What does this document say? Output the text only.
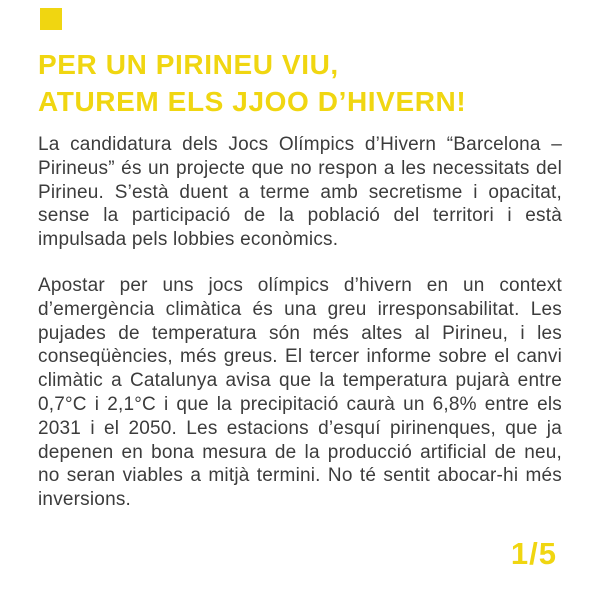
PER UN PIRINEU VIU,
ATUREM ELS JJOO D’HIVERN!

La candidatura dels Jocs Olímpics d’Hivern “Barcelona – Pirineus” és un projecte que no respon a les necessitats del Pirineu. S’està duent a terme amb secretisme i opacitat, sense la participació de la població del territori i està impulsada pels lobbies econòmics.

Apostar per uns jocs olímpics d’hivern en un context d’emergència climàtica és una greu irresponsabilitat. Les pujades de temperatura són més altes al Pirineu, i les conseqüències, més greus. El tercer informe sobre el canvi climàtic a Catalunya avisa que la temperatura pujarà entre 0,7°C i 2,1°C i que la precipitació caurà un 6,8% entre els 2031 i el 2050. Les estacions d’esquí pirinenques, que ja depenen en bona mesura de la producció artificial de neu, no seran viables a mitjà termini. No té sentit abocar-hi més inversions.

1/5
